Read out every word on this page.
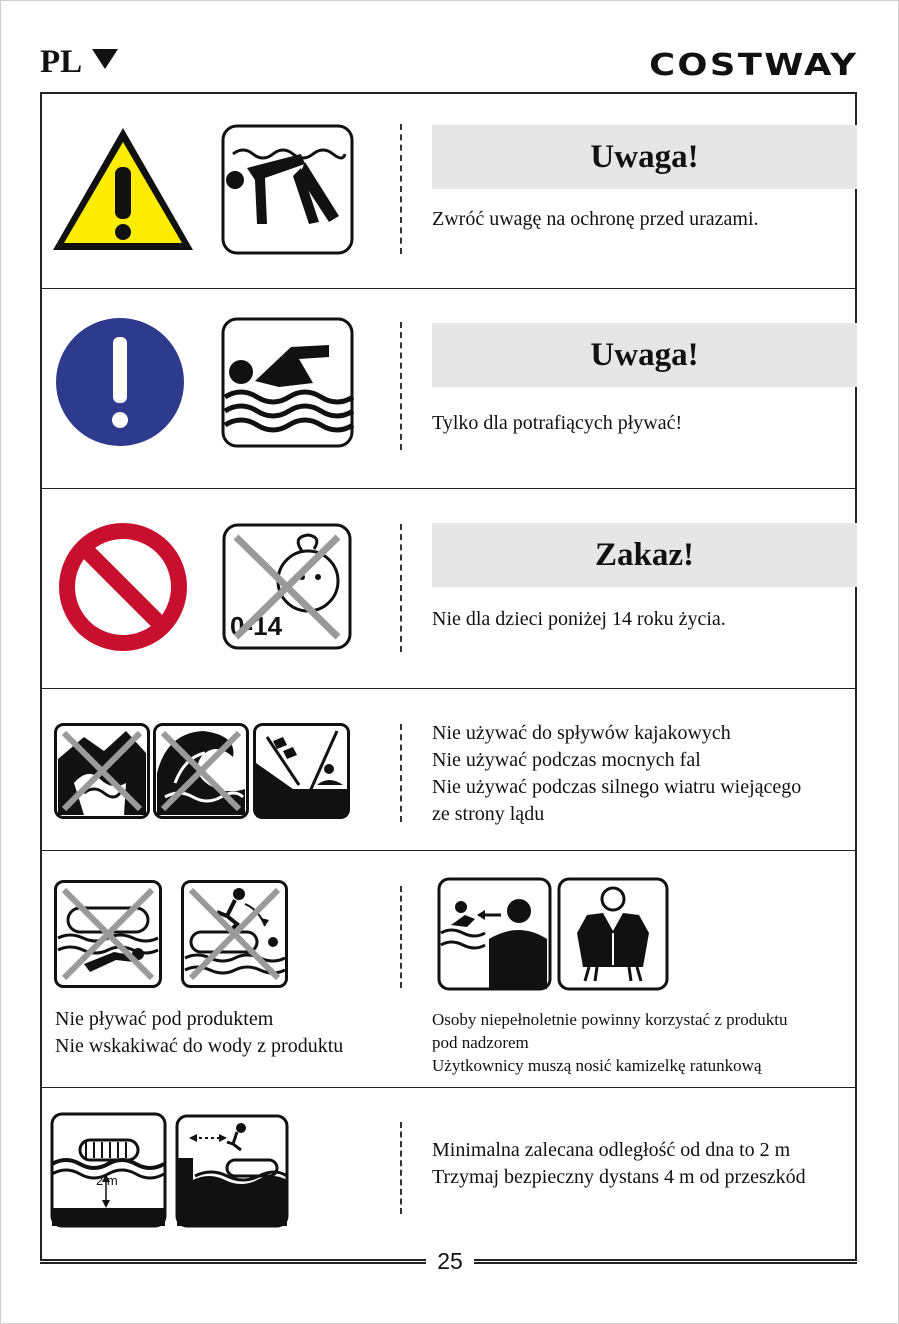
PL	COSTWAY
Uwaga!
Zwróć uwagę na ochronę przed urazami.
Uwaga!
Tylko dla potrafiących pływać!
0-14
Zakaz!
Nie dla dzieci poniżej 14 roku życia.
Nie używać do spływów kajakowych
Nie używać podczas mocnych fal
Nie używać podczas silnego wiatru wiejącego
ze strony lądu
Nie pływać pod produktem
Nie wskakiwać do wody z produktu
Osoby niepełnoletnie powinny korzystać z produktu
pod nadzorem
Użytkownicy muszą nosić kamizelkę ratunkową
2 m
Minimalna zalecana odległość od dna to 2 m
Trzymaj bezpieczny dystans 4 m od przeszkód
25
